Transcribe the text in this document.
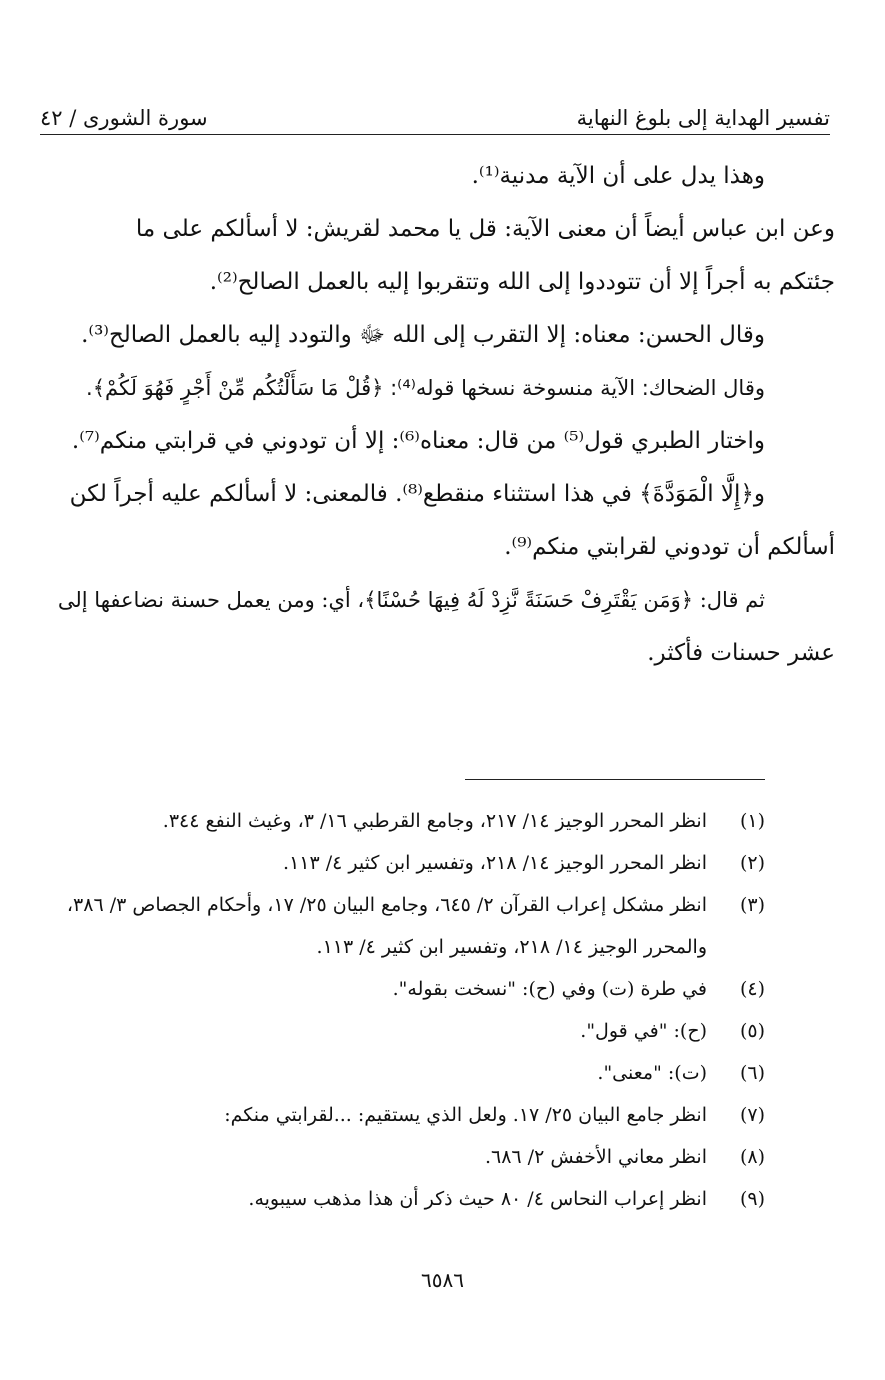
تفسير الهداية إلى بلوغ النهاية
سورة الشورى / ٤٢
وهذا يدل على أن الآية مدنية⁽¹⁾.
وعن ابن عباس أيضاً أن معنى الآية: قل يا محمد لقريش: لا أسألكم على ما
جئتكم به أجراً إلا أن تتوددوا إلى الله وتتقربوا إليه بالعمل الصالح⁽²⁾.
وقال الحسن: معناه: إلا التقرب إلى الله ﷻ والتودد إليه بالعمل الصالح⁽³⁾.
وقال الضحاك: الآية منسوخة نسخها قوله⁽⁴⁾: ﴿قُلْ مَا سَأَلْتُكُم مِّنْ أَجْرٍ فَهُوَ لَكُمْ﴾.
واختار الطبري قول⁽⁵⁾ من قال: معناه⁽⁶⁾: إلا أن تودوني في قرابتي منكم⁽⁷⁾.
و﴿إِلَّا الْمَوَدَّةَ﴾ في هذا استثناء منقطع⁽⁸⁾. فالمعنى: لا أسألكم عليه أجراً لكن
أسألكم أن تودوني لقرابتي منكم⁽⁹⁾.
ثم قال: ﴿وَمَن يَقْتَرِفْ حَسَنَةً نَّزِدْ لَهُ فِيهَا حُسْنًا﴾، أي: ومن يعمل حسنة نضاعفها إلى
عشر حسنات فأكثر.
(١)
انظر المحرر الوجيز ١٤/ ٢١٧، وجامع القرطبي ١٦/ ٣، وغيث النفع ٣٤٤.
(٢)
انظر المحرر الوجيز ١٤/ ٢١٨، وتفسير ابن كثير ٤/ ١١٣.
(٣)
انظر مشكل إعراب القرآن ٢/ ٦٤٥، وجامع البيان ٢٥/ ١٧، وأحكام الجصاص ٣/ ٣٨٦، والمحرر الوجيز ١٤/ ٢١٨، وتفسير ابن كثير ٤/ ١١٣.
(٤)
في طرة (ت) وفي (ح): "نسخت بقوله".
(٥)
(ح): "في قول".
(٦)
(ت): "معنى".
(٧)
انظر جامع البيان ٢٥/ ١٧. ولعل الذي يستقيم: ...لقرابتي منكم:
(٨)
انظر معاني الأخفش ٢/ ٦٨٦.
(٩)
انظر إعراب النحاس ٤/ ٨٠ حيث ذكر أن هذا مذهب سيبويه.
٦٥٨٦
